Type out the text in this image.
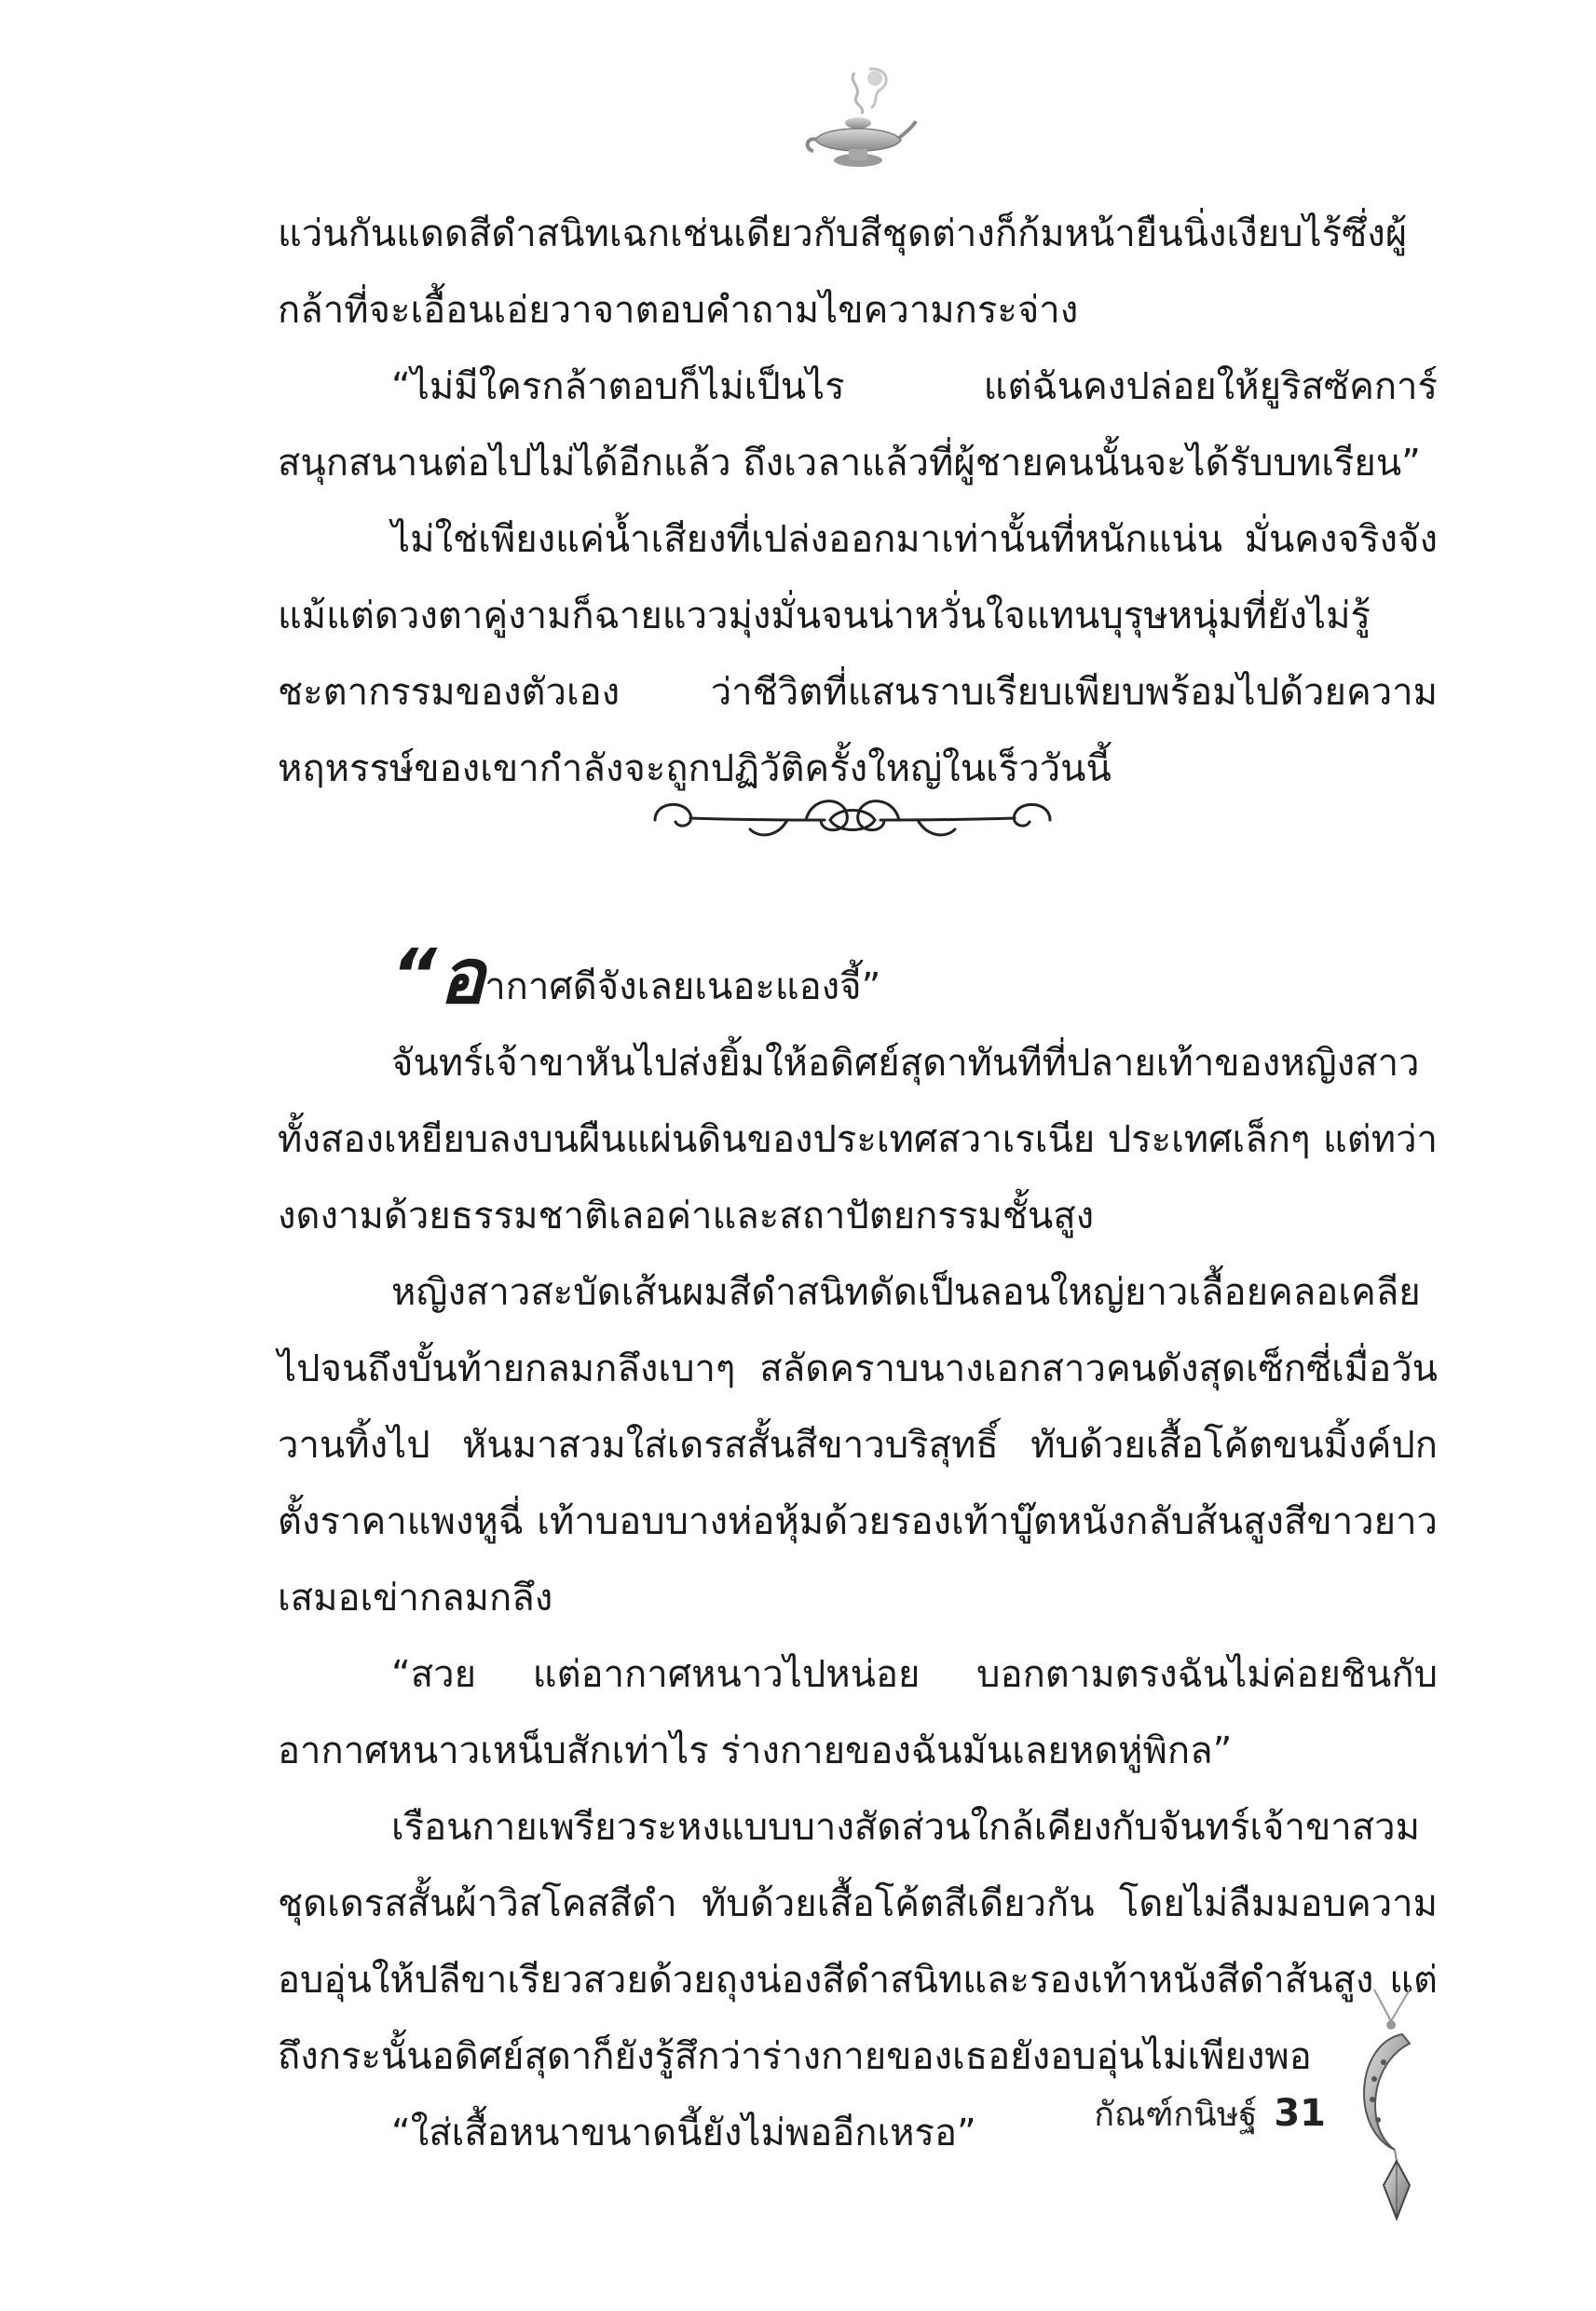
แว่นกันแดดสีดำสนิทเฉกเช่นเดียวกับสีชุดต่างก็ก้มหน้ายืนนิ่งเงียบไร้ซึ่งผู้กล้าที่จะเอื้อนเอ่ยวาจาตอบคำถามไขความกระจ่าง

“ไม่มีใครกล้าตอบก็ไม่เป็นไร แต่ฉันคงปล่อยให้ยูริสซัคการ์สนุกสนานต่อไปไม่ได้อีกแล้ว ถึงเวลาแล้วที่ผู้ชายคนนั้นจะได้รับบทเรียน”

ไม่ใช่เพียงแค่น้ำเสียงที่เปล่งออกมาเท่านั้นที่หนักแน่น มั่นคงจริงจัง แม้แต่ดวงตาคู่งามก็ฉายแววมุ่งมั่นจนน่าหวั่นใจแทนบุรุษหนุ่มที่ยังไม่รู้ชะตากรรมของตัวเอง ว่าชีวิตที่แสนราบเรียบเพียบพร้อมไปด้วยความหฤหรรษ์ของเขากำลังจะถูกปฏิวัติครั้งใหญ่ในเร็ววันนี้

“อากาศดีจังเลยเนอะแองจี้”

จันทร์เจ้าขาหันไปส่งยิ้มให้อดิศย์สุดาทันทีที่ปลายเท้าของหญิงสาวทั้งสองเหยียบลงบนผืนแผ่นดินของประเทศสวาเรเนีย ประเทศเล็กๆ แต่ทว่างดงามด้วยธรรมชาติเลอค่าและสถาปัตยกรรมชั้นสูง

หญิงสาวสะบัดเส้นผมสีดำสนิทดัดเป็นลอนใหญ่ยาวเลื้อยคลอเคลียไปจนถึงบั้นท้ายกลมกลึงเบาๆ สลัดคราบนางเอกสาวคนดังสุดเซ็กซี่เมื่อวันวานทิ้งไป หันมาสวมใส่เดรสสั้นสีขาวบริสุทธิ์ ทับด้วยเสื้อโค้ตขนมิ้งค์ปกตั้งราคาแพงหูฉี่ เท้าบอบบางห่อหุ้มด้วยรองเท้าบู๊ตหนังกลับส้นสูงสีขาวยาวเสมอเข่ากลมกลึง

“สวย แต่อากาศหนาวไปหน่อย บอกตามตรงฉันไม่ค่อยชินกับอากาศหนาวเหน็บสักเท่าไร ร่างกายของฉันมันเลยหดหู่พิกล”

เรือนกายเพรียวระหงแบบบางสัดส่วนใกล้เคียงกับจันทร์เจ้าขาสวมชุดเดรสสั้นผ้าวิสโคสสีดำ ทับด้วยเสื้อโค้ตสีเดียวกัน โดยไม่ลืมมอบความอบอุ่นให้ปลีขาเรียวสวยด้วยถุงน่องสีดำสนิทและรองเท้าหนังสีดำส้นสูง แต่ถึงกระนั้นอดิศย์สุดาก็ยังรู้สึกว่าร่างกายของเธอยังอบอุ่นไม่เพียงพอ

“ใส่เสื้อหนาขนาดนี้ยังไม่พออีกเหรอ”	กัณฑ์กนิษฐ์ 31
